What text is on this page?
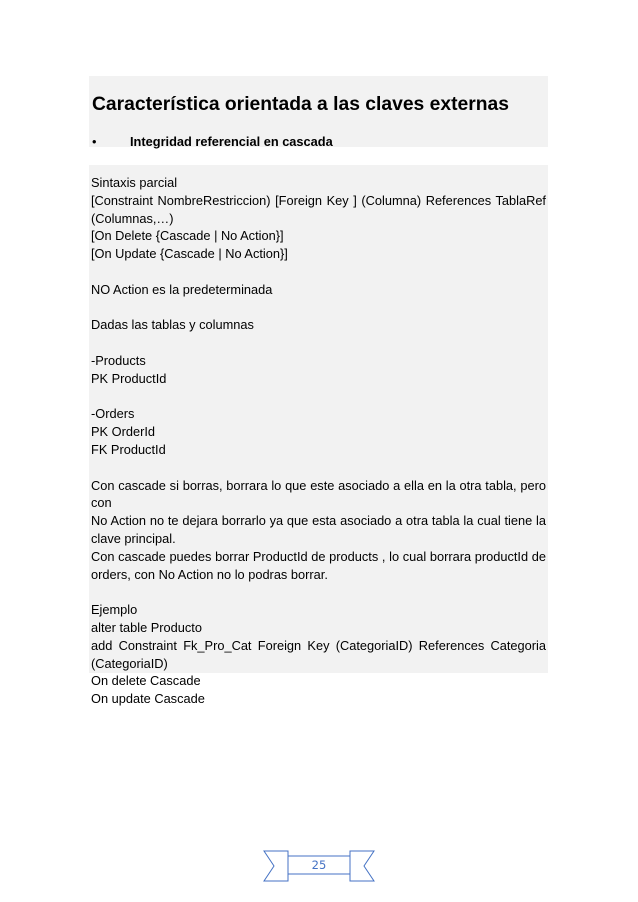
Característica orientada a las claves externas
•	Integridad referencial en cascada

Sintaxis parcial

[Constraint NombreRestriccion) [Foreign Key ] (Columna) References TablaRef

(Columnas,…)

[On Delete {Cascade | No Action}]

[On Update {Cascade | No Action}]

NO Action es la predeterminada

Dadas las tablas y columnas

-Products

PK ProductId

-Orders

PK OrderId

FK ProductId

Con cascade si borras, borrara lo que este asociado a ella en la otra tabla, pero con

No Action no te dejara borrarlo ya que esta asociado a otra tabla la cual tiene la

clave principal.

Con cascade puedes borrar ProductId de products , lo cual borrara productId de

orders, con No Action no lo podras borrar.

Ejemplo

alter table Producto

add Constraint Fk_Pro_Cat Foreign Key (CategoriaID) References Categoria

(CategoriaID)

On delete Cascade

On update Cascade

25
